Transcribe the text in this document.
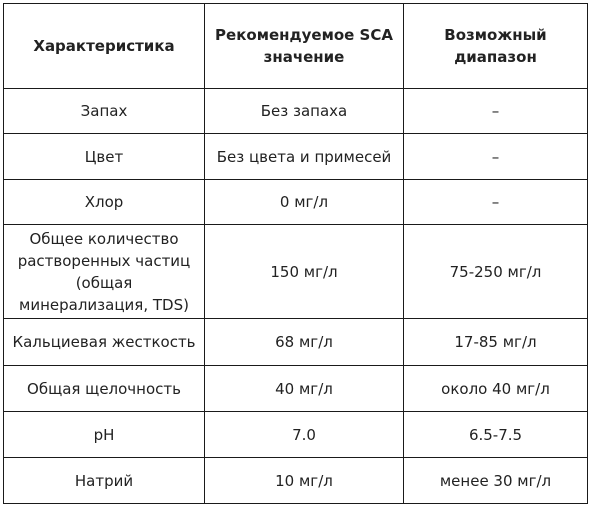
Характеристика	Рекомендуемое SCA значение	Возможный диапазон
Запах	Без запаха	–
Цвет	Без цвета и примесей	–
Хлор	0 мг/л	–
Общее количество растворенных частиц (общая минерализация, TDS)	150 мг/л	75-250 мг/л
Кальциевая жесткость	68 мг/л	17-85 мг/л
Общая щелочность	40 мг/л	около 40 мг/л
pH	7.0	6.5-7.5
Натрий	10 мг/л	менее 30 мг/л
